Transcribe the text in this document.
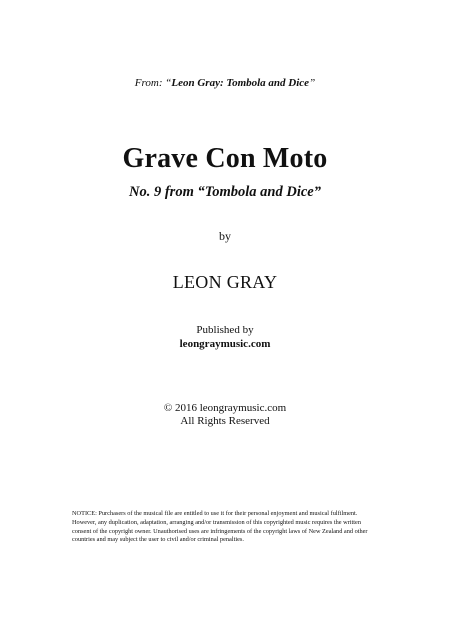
From: “Leon Gray: Tombola and Dice”
Grave Con Moto
No. 9 from “Tombola and Dice”
by
LEON GRAY
Published by
leongraymusic.com
© 2016 leongraymusic.com
All Rights Reserved
NOTICE: Purchasers of the musical file are entitled to use it for their personal enjoyment and musical fulfilment. However, any duplication, adaptation, arranging and/or transmission of this copyrighted music requires the written consent of the copyright owner. Unauthorised uses are infringements of the copyright laws of New Zealand and other countries and may subject the user to civil and/or criminal penalties.
